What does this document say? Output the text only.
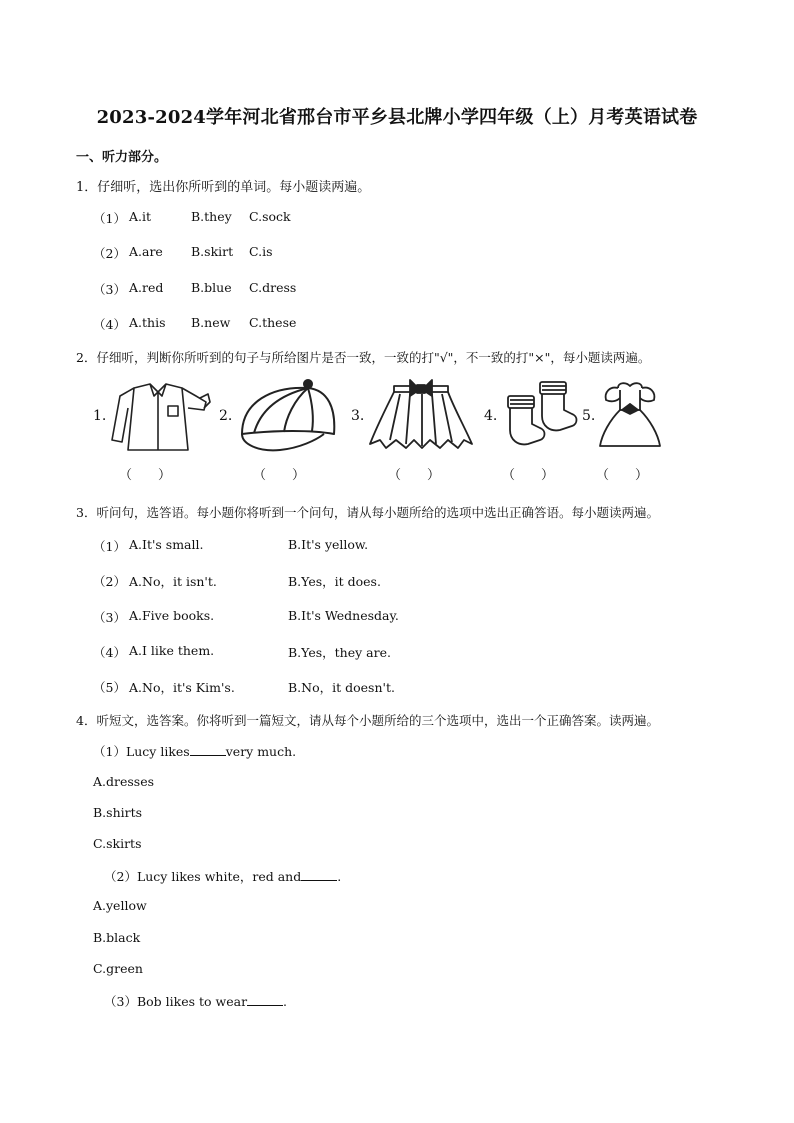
2023-2024学年河北省邢台市平乡县北牌小学四年级（上）月考英语试卷
一、听力部分。
1．仔细听，选出你所听到的单词。每小题读两遍。
（1） A.it	B.they C.sock
（2） A.are B.skirt C.is
（3） A.red B.blue C.dress
（4） A.this B.new C.these
2．仔细听，判断你所听到的句子与所给图片是否一致，一致的打"√"，不一致的打"×"，每小题读两遍。
1.	2.	3.	4.	5.
（　　）	（　　）	（　　）	（　　）	（　　）
3．听问句，选答语。每小题你将听到一个问句，请从每小题所给的选项中选出正确答语。每小题读两遍。
（1） A.It's small.	B.It's yellow.
（2） A.No，it isn't.	B.Yes，it does.
（3） A.Five books.	B.It's Wednesday.
（4） A.I like them.	B.Yes，they are.
（5） A.No，it's Kim's.	B.No，it doesn't.
4．听短文，选答案。你将听到一篇短文，请从每个小题所给的三个选项中，选出一个正确答案。读两遍。
（1）Lucy likes	very much.
A.dresses
B.shirts
C.skirts
（2）Lucy likes white，red and	.
A.yellow
B.black
C.green
（3）Bob likes to wear	.
